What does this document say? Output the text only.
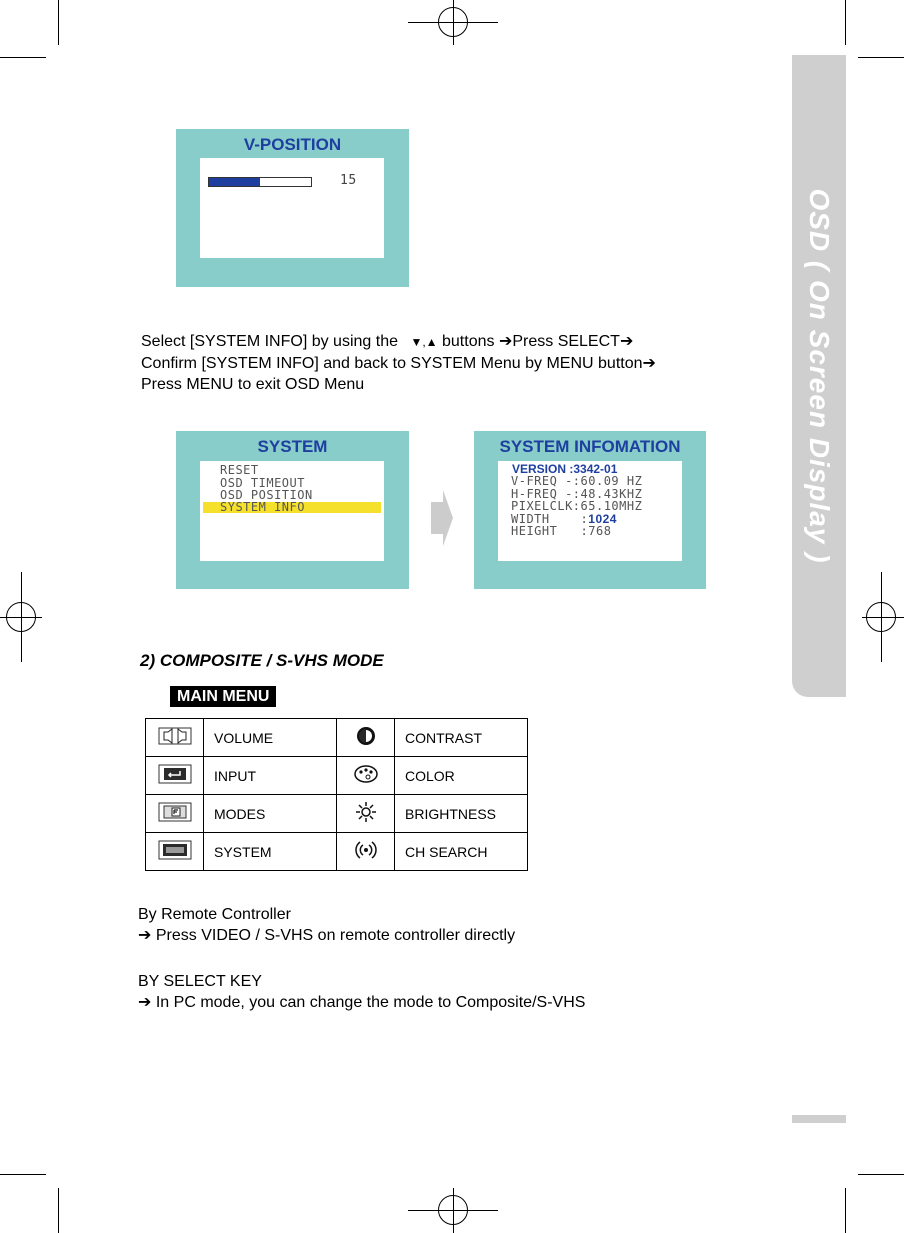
OSD ( On Screen Display )
V-POSITION
15
Select [SYSTEM INFO] by using the ▼,▲ buttons ➔Press SELECT➔
Confirm [SYSTEM INFO] and back to SYSTEM Menu by MENU button➔
Press MENU to exit OSD Menu
SYSTEM
RESET
OSD TIMEOUT
OSD POSITION
SYSTEM INFO
SYSTEM INFOMATION
VERSION :3342-01
V-FREQ -:60.09 HZ
H-FREQ -:48.43KHZ
PIXELCLK:65.10MHZ
WIDTH	:1024
HEIGHT   :768
2) COMPOSITE / S-VHS MODE
MAIN MENU
	VOLUME		CONTRAST
	INPUT		COLOR
	MODES		BRIGHTNESS
	SYSTEM		CH SEARCH
By Remote Controller
➔ Press VIDEO / S-VHS on remote controller directly
BY SELECT KEY
➔ In PC mode, you can change the mode to Composite/S-VHS
